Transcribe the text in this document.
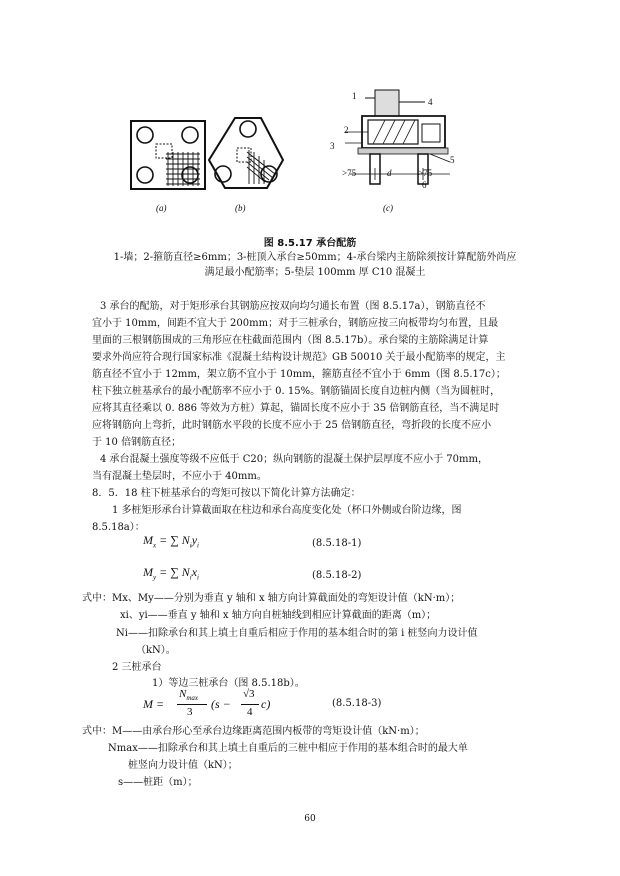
(a)	(b)
1
4
2
3
5
>75	d	>75
6
(c)
图 8.5.17 承台配筋
1-墙；2-箍筋直径≥6mm；3-桩顶入承台≥50mm；4-承台梁内主筋除须按计算配筋外尚应
满足最小配筋率；5-垫层 100mm 厚 C10 混凝土
3 承台的配筋，对于矩形承台其钢筋应按双向均匀通长布置（图 8.5.17a），钢筋直径不
宜小于 10mm，间距不宜大于 200mm；对于三桩承台，钢筋应按三向板带均匀布置，且最
里面的三根钢筋围成的三角形应在柱截面范围内（图 8.5.17b）。承台梁的主筋除满足计算
要求外尚应符合现行国家标准《混凝土结构设计规范》GB 50010 关于最小配筋率的规定，主
筋直径不宜小于 12mm，架立筋不宜小于 10mm，箍筋直径不宜小于 6mm（图 8.5.17c）；
柱下独立桩基承台的最小配筋率不应小于 0. 15%。钢筋锚固长度自边桩内侧（当为圆桩时，
应将其直径乘以 0. 886 等效为方桩）算起，锚固长度不应小于 35 倍钢筋直径，当不满足时
应将钢筋向上弯折，此时钢筋水平段的长度不应小于 25 倍钢筋直径，弯折段的长度不应小
于 10 倍钢筋直径；
4 承台混凝土强度等级不应低于 C20；纵向钢筋的混凝土保护层厚度不应小于 70mm，
当有混凝土垫层时，不应小于 40mm。
8．5．18 柱下桩基承台的弯矩可按以下简化计算方法确定：
1 多桩矩形承台计算截面取在柱边和承台高度变化处（杯口外侧或台阶边缘，图
8.5.18a）：
$M_x$ = ∑ $N_iy_i$	(8.5.18-1)
$M_y$ = ∑ $N_ix_i$	(8.5.18-2)
式中：Mx、My——分别为垂直 y 轴和 x 轴方向计算截面处的弯矩设计值（kN·m）；
xi、yi——垂直 y 轴和 x 轴方向自桩轴线到相应计算截面的距离（m）；
Ni——扣除承台和其上填土自重后相应于作用的基本组合时的第 i 桩竖向力设计值
（kN）。
2 三桩承台
1）等边三桩承台（图 8.5.18b）。
M =
$N_{max}$
3
(s −
√3
4
c)	(8.5.18-3)
式中：M——由承台形心至承台边缘距离范围内板带的弯矩设计值（kN·m）；
Nmax——扣除承台和其上填土自重后的三桩中相应于作用的基本组合时的最大单
桩竖向力设计值（kN）；
s——桩距（m）；
60
